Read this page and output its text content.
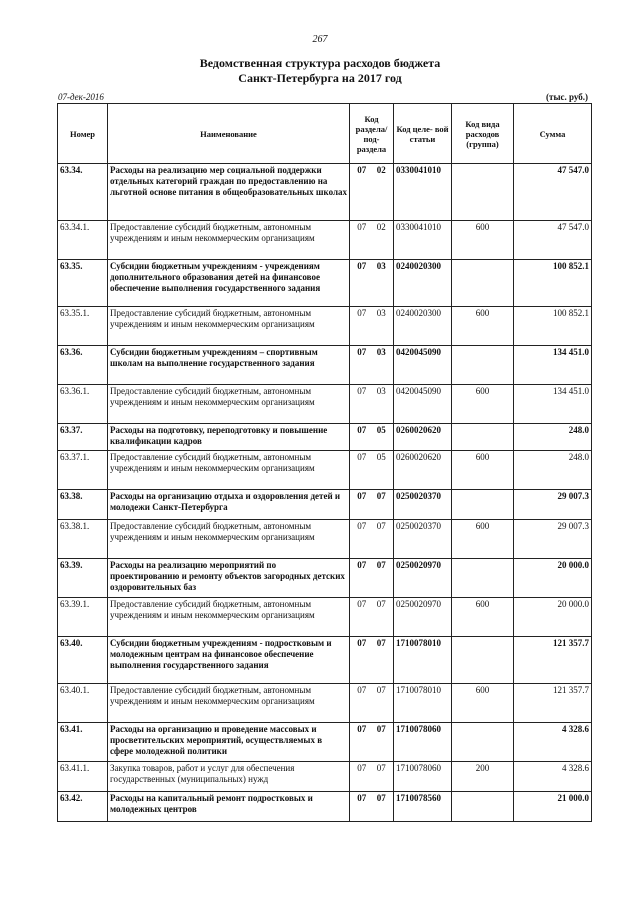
267
Ведомственная структура расходов бюджета
Санкт-Петербурга на 2017 год
07-дек-2016	(тыс. руб.)
Номер	Наименование	Код раздела/ под- раздела	Код целе- вой статьи	Код вида расходов (группа)	Сумма
63.34.	Расходы на реализацию мер социальной поддержки отдельных категорий граждан по предоставлению на льготной основе питания в общеобразовательных школах	07 02	0330041010		47 547.0
63.34.1.	Предоставление субсидий бюджетным, автономным учреждениям и иным некоммерческим организациям	07 02	0330041010	600	47 547.0
63.35.	Субсидии бюджетным учреждениям - учреждениям дополнительного образования детей на финансовое обеспечение выполнения государственного задания	07 03	0240020300		100 852.1
63.35.1.	Предоставление субсидий бюджетным, автономным учреждениям и иным некоммерческим организациям	07 03	0240020300	600	100 852.1
63.36.	Субсидии бюджетным учреждениям – спортивным школам на выполнение государственного задания	07 03	0420045090		134 451.0
63.36.1.	Предоставление субсидий бюджетным, автономным учреждениям и иным некоммерческим организациям	07 03	0420045090	600	134 451.0
63.37.	Расходы на подготовку, переподготовку и повышение квалификации кадров	07 05	0260020620		248.0
63.37.1.	Предоставление субсидий бюджетным, автономным учреждениям и иным некоммерческим организациям	07 05	0260020620	600	248.0
63.38.	Расходы на организацию отдыха и оздоровления детей и молодежи Санкт-Петербурга	07 07	0250020370		29 007.3
63.38.1.	Предоставление субсидий бюджетным, автономным учреждениям и иным некоммерческим организациям	07 07	0250020370	600	29 007.3
63.39.	Расходы на реализацию мероприятий по проектированию и ремонту объектов загородных детских оздоровительных баз	07 07	0250020970		20 000.0
63.39.1.	Предоставление субсидий бюджетным, автономным учреждениям и иным некоммерческим организациям	07 07	0250020970	600	20 000.0
63.40.	Субсидии бюджетным учреждениям - подростковым и молодежным центрам на финансовое обеспечение выполнения государственного задания	07 07	1710078010		121 357.7
63.40.1.	Предоставление субсидий бюджетным, автономным учреждениям и иным некоммерческим организациям	07 07	1710078010	600	121 357.7
63.41.	Расходы на организацию и проведение массовых и просветительских мероприятий, осуществляемых в сфере молодежной политики	07 07	1710078060		4 328.6
63.41.1.	Закупка товаров, работ и услуг для обеспечения государственных (муниципальных) нужд	07 07	1710078060	200	4 328.6
63.42.	Расходы на капитальный ремонт подростковых и молодежных центров	07 07	1710078560		21 000.0
